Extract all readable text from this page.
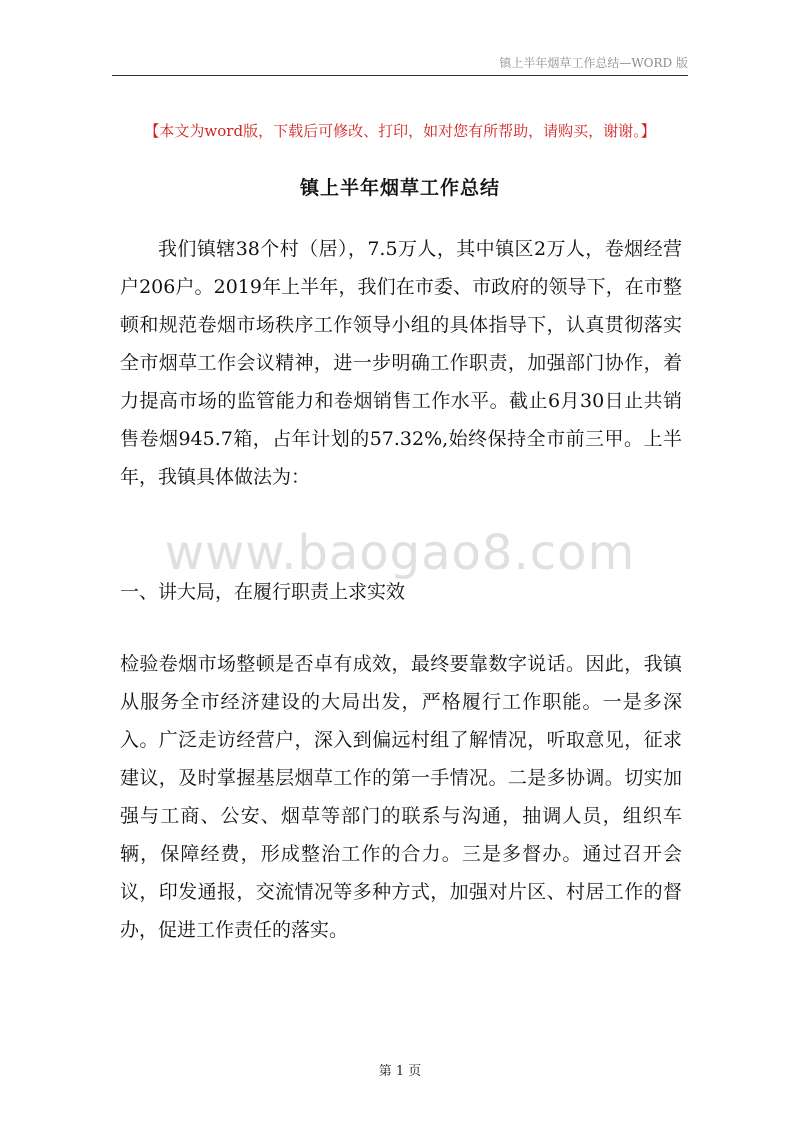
镇上半年烟草工作总结—WORD 版
【本文为word版，下载后可修改、打印，如对您有所帮助，请购买，谢谢。】
镇上半年烟草工作总结

我们镇辖38个村（居），7.5万人，其中镇区2万人，卷烟经营户206户。2019年上半年，我们在市委、市政府的领导下，在市整顿和规范卷烟市场秩序工作领导小组的具体指导下，认真贯彻落实全市烟草工作会议精神，进一步明确工作职责，加强部门协作，着力提高市场的监管能力和卷烟销售工作水平。截止6月30日止共销售卷烟945.7箱，占年计划的57.32%,始终保持全市前三甲。上半年，我镇具体做法为：

www.baogao8.com
一、讲大局，在履行职责上求实效

检验卷烟市场整顿是否卓有成效，最终要靠数字说话。因此，我镇从服务全市经济建设的大局出发，严格履行工作职能。一是多深入。广泛走访经营户，深入到偏远村组了解情况，听取意见，征求建议，及时掌握基层烟草工作的第一手情况。二是多协调。切实加强与工商、公安、烟草等部门的联系与沟通，抽调人员，组织车辆，保障经费，形成整治工作的合力。三是多督办。通过召开会议，印发通报，交流情况等多种方式，加强对片区、村居工作的督办，促进工作责任的落实。

第 1 页
